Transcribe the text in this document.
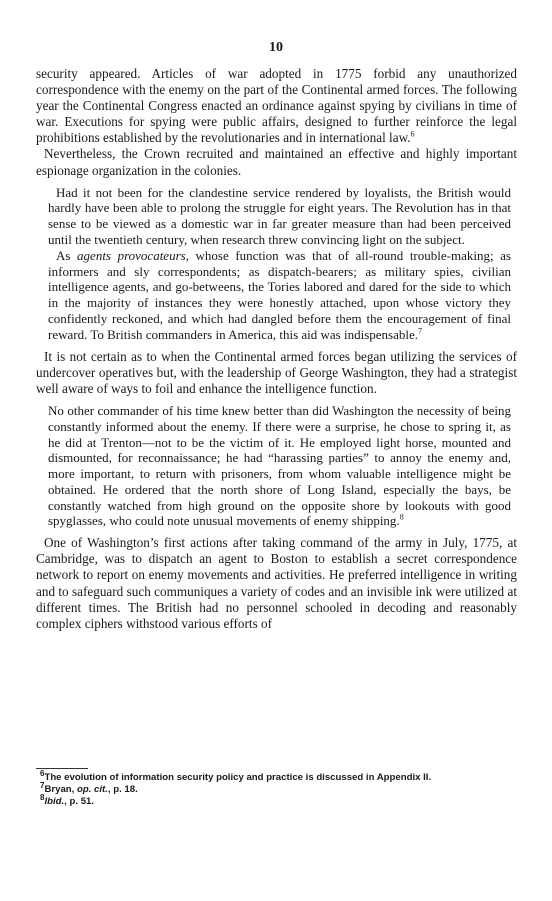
10

security appeared. Articles of war adopted in 1775 forbid any unauthorized correspondence with the enemy on the part of the Continental armed forces. The following year the Continental Congress enacted an ordinance against spying by civilians in time of war. Executions for spying were public affairs, designed to further reinforce the legal prohibitions established by the revolutionaries and in international law.$^6$

Nevertheless, the Crown recruited and maintained an effective and highly important espionage organization in the colonies.

Had it not been for the clandestine service rendered by loyalists, the British would hardly have been able to prolong the struggle for eight years. The Revolution has in that sense to be viewed as a domestic war in far greater measure than had been perceived until the twentieth century, when research threw convincing light on the subject.

As agents provocateurs, whose function was that of all-round trouble-making; as informers and sly correspondents; as dispatch-bearers; as military spies, civilian intelligence agents, and go-betweens, the Tories labored and dared for the side to which in the majority of instances they were honestly attached, upon whose victory they confidently reckoned, and which had dangled before them the encouragement of final reward. To British commanders in America, this aid was indispensable.$^7$

It is not certain as to when the Continental armed forces began utilizing the services of undercover operatives but, with the leadership of George Washington, they had a strategist well aware of ways to foil and enhance the intelligence function.

No other commander of his time knew better than did Washington the necessity of being constantly informed about the enemy. If there were a surprise, he chose to spring it, as he did at Trenton—not to be the victim of it. He employed light horse, mounted and dismounted, for reconnaissance; he had “harassing parties” to annoy the enemy and, more important, to return with prisoners, from whom valuable intelligence might be obtained. He ordered that the north shore of Long Island, especially the bays, be constantly watched from high ground on the opposite shore by lookouts with good spyglasses, who could note unusual movements of enemy shipping.$^8$

One of Washington’s first actions after taking command of the army in July, 1775, at Cambridge, was to dispatch an agent to Boston to establish a secret correspondence network to report on enemy movements and activities. He preferred intelligence in writing and to safeguard such communiques a variety of codes and an invisible ink were utilized at different times. The British had no personnel schooled in decoding and reasonably complex ciphers withstood various efforts of

$^6$The evolution of information security policy and practice is discussed in Appendix II.

$^7$Bryan, op. cit., p. 18.

$^8$Ibid., p. 51.
